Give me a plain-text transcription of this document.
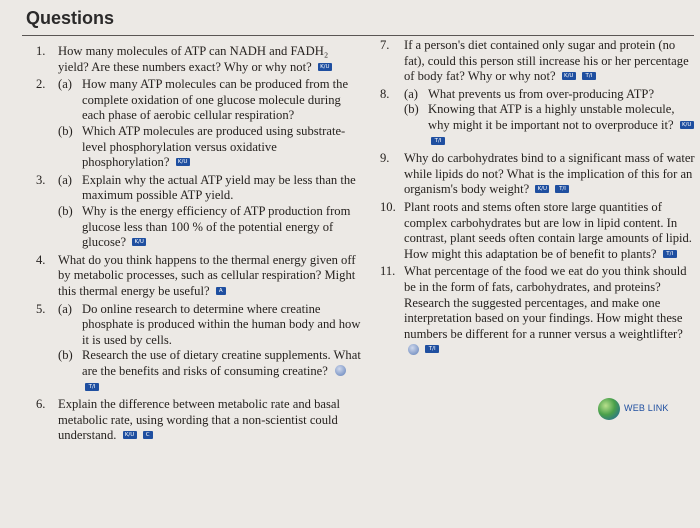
Questions
1. How many molecules of ATP can NADH and FADH₂ yield? Are these numbers exact? Why or why not? K/U
2. (a) How many ATP molecules can be produced from the complete oxidation of one glucose molecule during each phase of aerobic cellular respiration?
(b) Which ATP molecules are produced using substrate-level phosphorylation versus oxidative phosphorylation? K/U
3. (a) Explain why the actual ATP yield may be less than the maximum possible ATP yield.
(b) Why is the energy efficiency of ATP production from glucose less than 100 % of the potential energy of glucose? K/U
4. What do you think happens to the thermal energy given off by metabolic processes, such as cellular respiration? Might this thermal energy be useful? A
5. (a) Do online research to determine where creatine phosphate is produced within the human body and how it is used by cells.
(b) Research the use of dietary creatine supplements. What are the benefits and risks of consuming creatine?  T/I
6. Explain the difference between metabolic rate and basal metabolic rate, using wording that a non-scientist could understand. K/U C
7. If a person's diet contained only sugar and protein (no fat), could this person still increase his or her percentage of body fat? Why or why not? K/U T/I
8. (a) What prevents us from over-producing ATP?
(b) Knowing that ATP is a highly unstable molecule, why might it be important not to overproduce it? K/U T/I
9. Why do carbohydrates bind to a significant mass of water while lipids do not? What is the implication of this for an organism's body weight? K/U T/I
10. Plant roots and stems often store large quantities of complex carbohydrates but are low in lipid content. In contrast, plant seeds often contain large amounts of lipid. How might this adaptation be of benefit to plants? T/I
11. What percentage of the food we eat do you think should be in the form of fats, carbohydrates, and proteins? Research the suggested percentages, and make one interpretation based on your findings. How might these numbers be different for a runner versus a weightlifter?  T/I
WEB LINK
